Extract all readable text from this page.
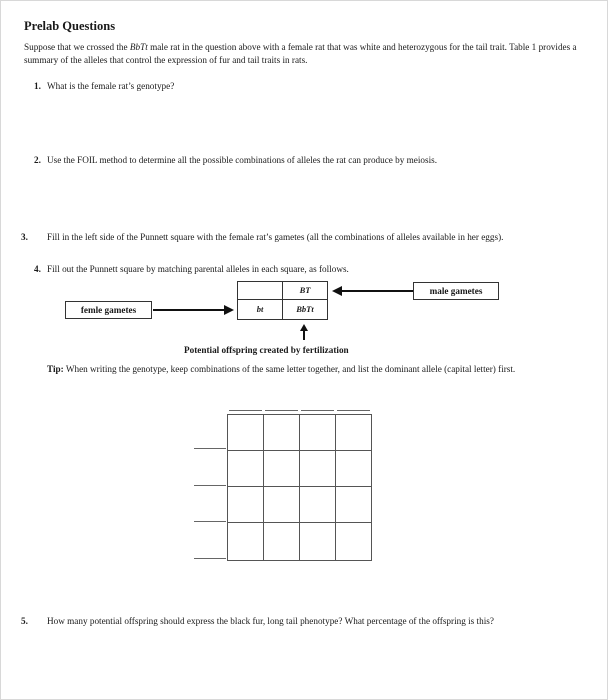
Prelab Questions
Suppose that we crossed the BbTt male rat in the question above with a female rat that was white and heterozygous for the tail trait. Table 1 provides a summary of the alleles that control the expression of fur and tail traits in rats.
1. What is the female rat’s genotype?
2. Use the FOIL method to determine all the possible combinations of alleles the rat can produce by meiosis.
3. Fill in the left side of the Punnett square with the female rat’s gametes (all the combinations of alleles available in her eggs).
4. Fill out the Punnett square by matching parental alleles in each square, as follows.
BT
bt	BbTt
femle gametes
male gametes
Potential offspring created by fertilization
Tip: When writing the genotype, keep combinations of the same letter together, and list the dominant allele (capital letter) first.
5. How many potential offspring should express the black fur, long tail phenotype? What percentage of the offspring is this?
